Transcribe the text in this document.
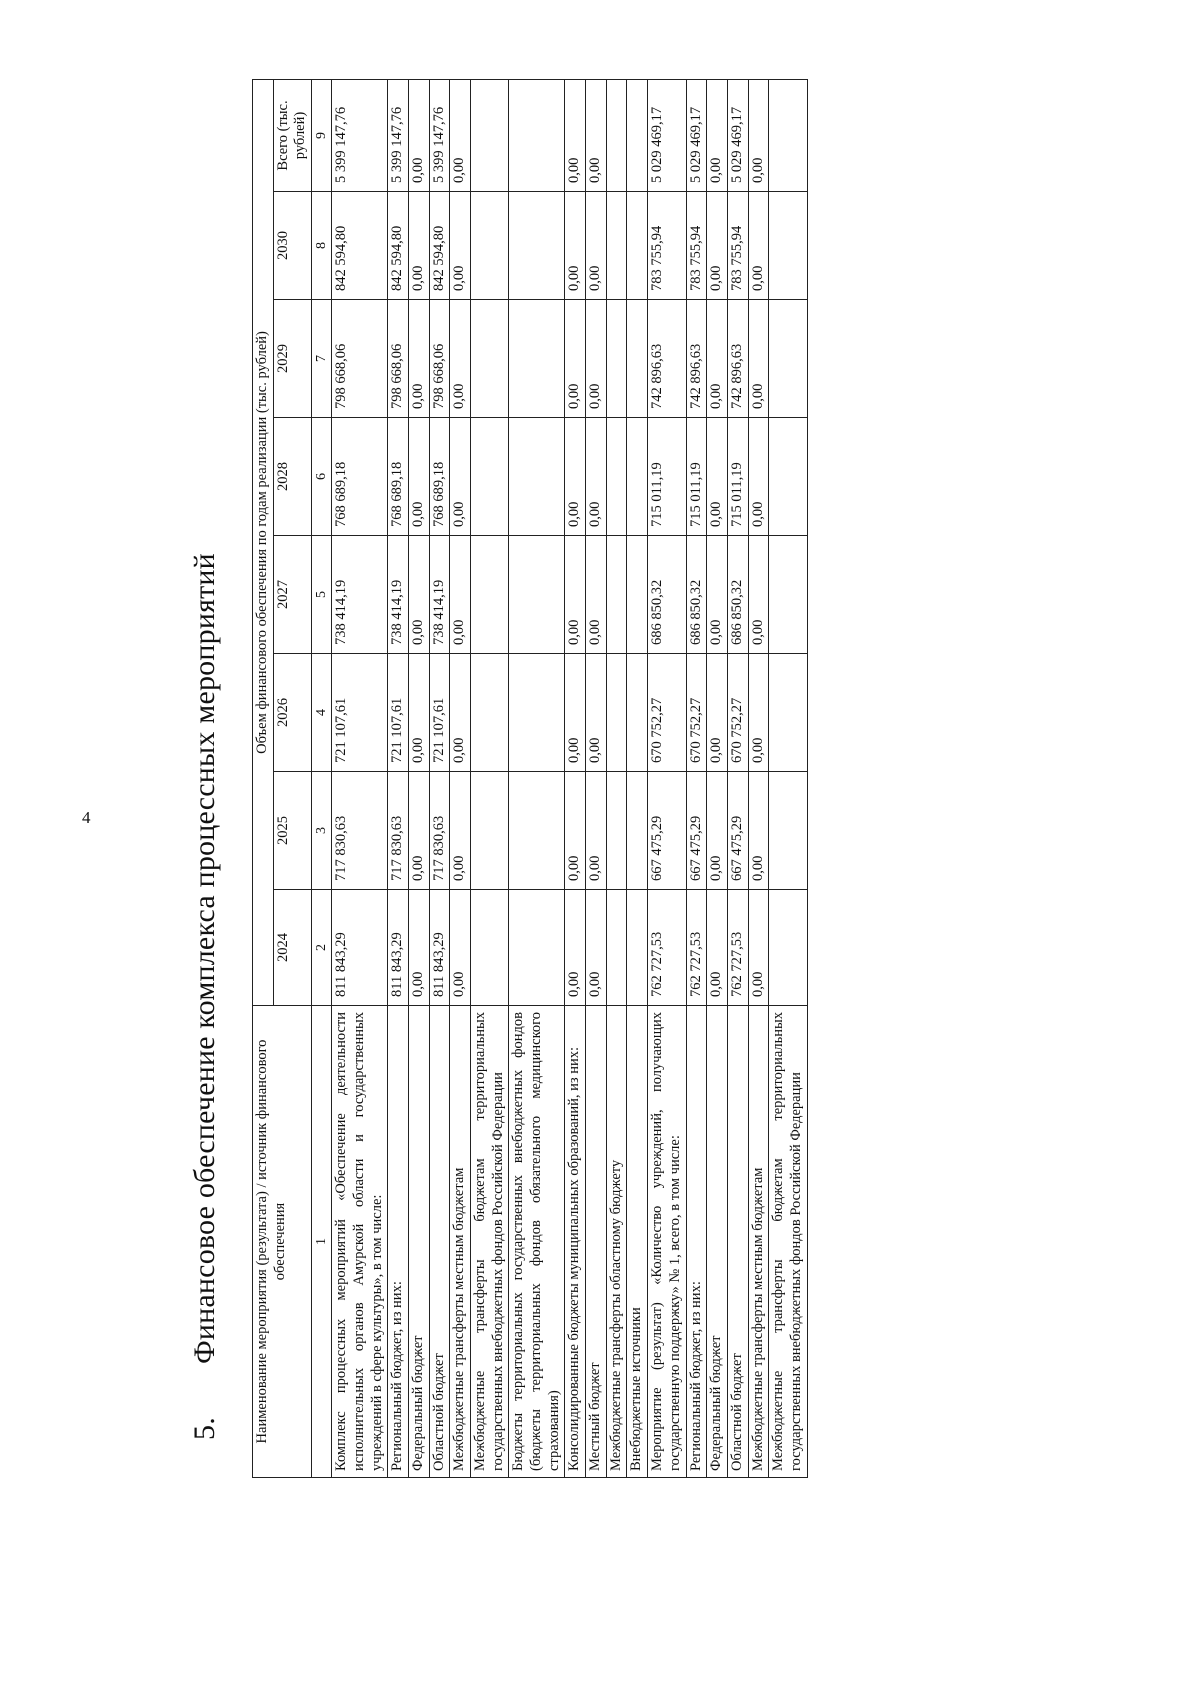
4
5.Финансовое обеспечение комплекса процессных мероприятий Наименование мероприятия (результата) / источник финансового обеспечения	Объем финансового обеспечения по годам реализации (тыс. рублей)							
	2024	2025	2026	2027	2028	2029	2030	Всего (тыс. рублей)
1	2	3	4	5	6	7	8	9
Комплекс процессных мероприятий «Обеспечение деятельности исполнительных органов Амурской области и государственных учреждений в сфере культуры», в том числе:	811 843,29	717 830,63	721 107,61	738 414,19	768 689,18	798 668,06	842 594,80	5 399 147,76
Региональный бюджет, из них:	811 843,29	717 830,63	721 107,61	738 414,19	768 689,18	798 668,06	842 594,80	5 399 147,76
Федеральный бюджет	0,00	0,00	0,00	0,00	0,00	0,00	0,00	0,00
Областной бюджет	811 843,29	717 830,63	721 107,61	738 414,19	768 689,18	798 668,06	842 594,80	5 399 147,76
Межбюджетные трансферты местным бюджетам	0,00	0,00	0,00	0,00	0,00	0,00	0,00	0,00
Межбюджетные трансферты бюджетам территориальных государственных внебюджетных фондов Российской Федерации								
Бюджеты территориальных государственных внебюджетных фондов (бюджеты территориальных фондов обязательного медицинского страхования)								
Консолидированные бюджеты муниципальных образований, из них:	0,00	0,00	0,00	0,00	0,00	0,00	0,00	0,00
Местный бюджет	0,00	0,00	0,00	0,00	0,00	0,00	0,00	0,00
Межбюджетные трансферты областному бюджету								
Внебюджетные источники								
Мероприятие (результат) «Количество учреждений, получающих государственную поддержку» № 1, всего, в том числе:	762 727,53	667 475,29	670 752,27	686 850,32	715 011,19	742 896,63	783 755,94	5 029 469,17
Региональный бюджет, из них:	762 727,53	667 475,29	670 752,27	686 850,32	715 011,19	742 896,63	783 755,94	5 029 469,17
Федеральный бюджет	0,00	0,00	0,00	0,00	0,00	0,00	0,00	0,00
Областной бюджет	762 727,53	667 475,29	670 752,27	686 850,32	715 011,19	742 896,63	783 755,94	5 029 469,17
Межбюджетные трансферты местным бюджетам	0,00	0,00	0,00	0,00	0,00	0,00	0,00	0,00
Межбюджетные трансферты бюджетам территориальных государственных внебюджетных фондов Российской Федерации								
